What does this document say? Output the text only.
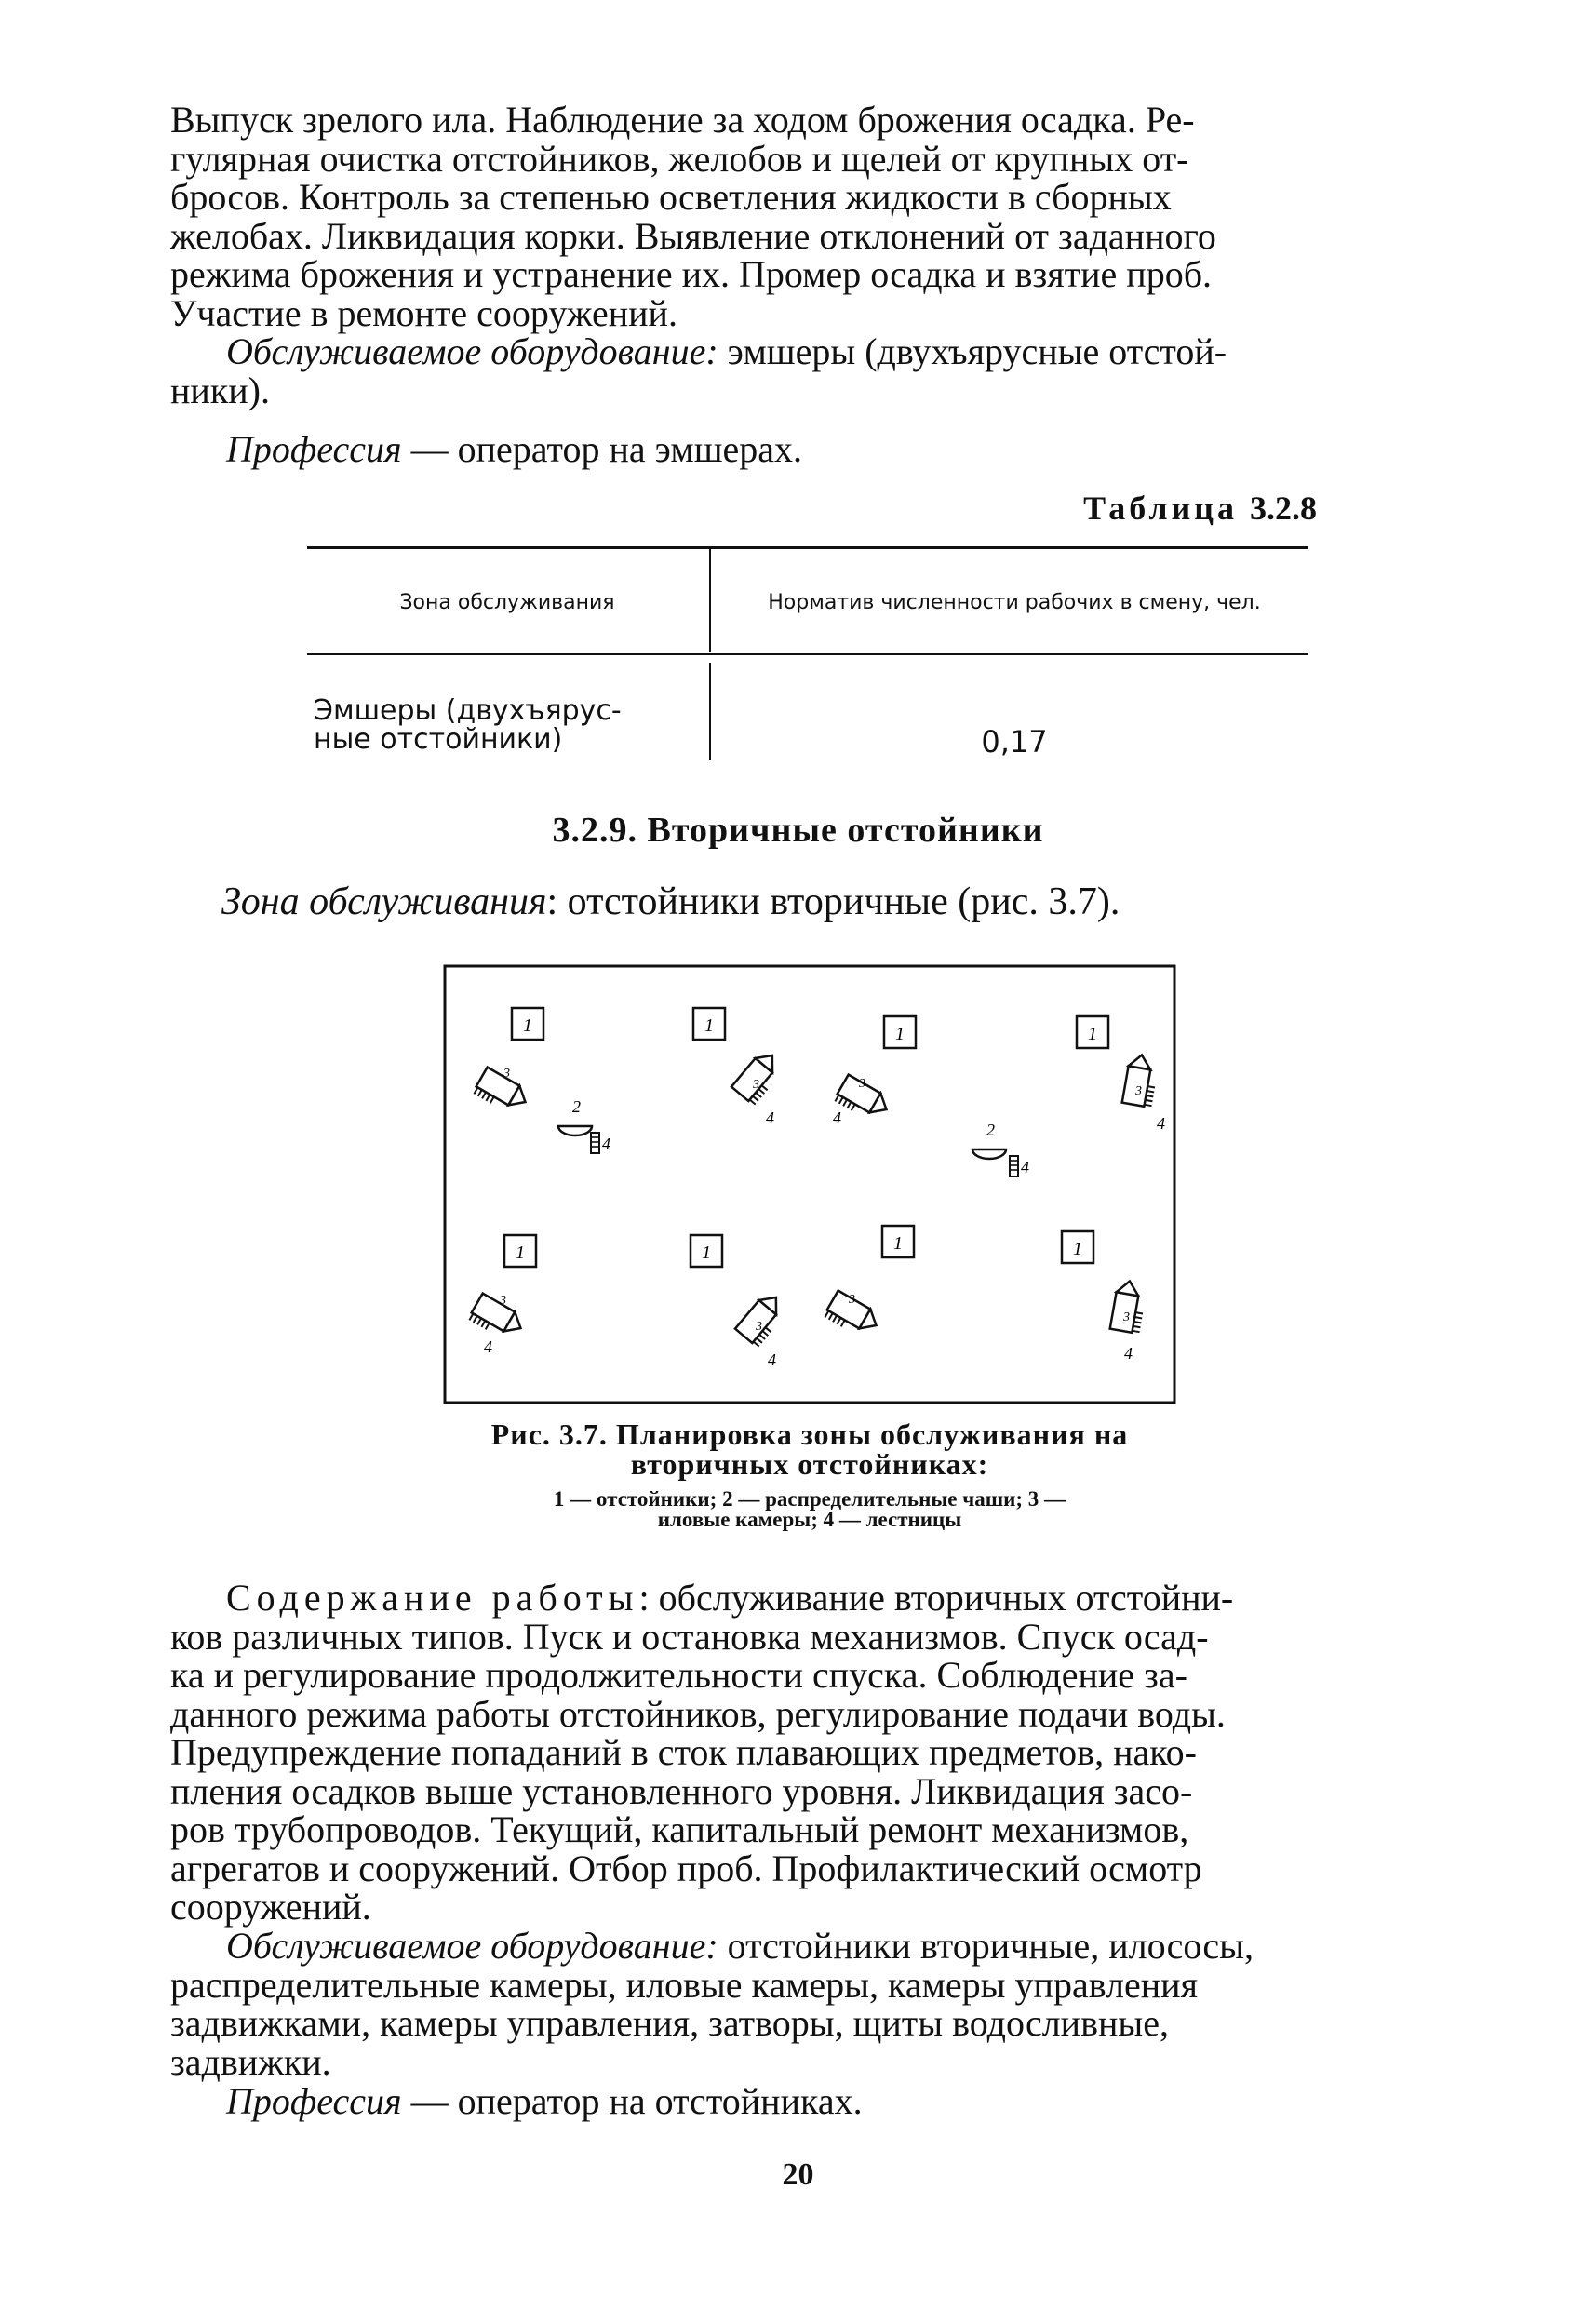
Выпуск зрелого ила. Наблюдение за ходом брожения осадка. Ре-
гулярная очистка отстойников, желобов и щелей от крупных от-
бросов. Контроль за степенью осветления жидкости в сборных
желобах. Ликвидация корки. Выявление отклонений от заданного
режима брожения и устранение их. Промер осадка и взятие проб.
Участие в ремонте сооружений.
Обслуживаемое оборудование: эмшеры (двухъярусные отстой-
ники).
Профессия — оператор на эмшерах.
Таблица 3.2.8
Зона обслуживания	Норматив численности рабочих в смену, чел.
Эмшеры (двухъярус-
ные отстойники)	0,17
3.2.9. Вторичные отстойники
Зона обслуживания: отстойники вторичные (рис. 3.7).
1	1	1	1
3
3
4
3
4
3
4
2
4
2
4
1	1	1	1
3
4
3
4
3
3
4
Рис. 3.7. Планировка зоны обслуживания на
вторичных отстойниках:
1 — отстойники; 2 — распределительные чаши; 3 —
иловые камеры; 4 — лестницы
Содержание работы: обслуживание вторичных отстойни-
ков различных типов. Пуск и остановка механизмов. Спуск осад-
ка и регулирование продолжительности спуска. Соблюдение за-
данного режима работы отстойников, регулирование подачи воды.
Предупреждение попаданий в сток плавающих предметов, нако-
пления осадков выше установленного уровня. Ликвидация засо-
ров трубопроводов. Текущий, капитальный ремонт механизмов,
агрегатов и сооружений. Отбор проб. Профилактический осмотр
сооружений.
Обслуживаемое оборудование: отстойники вторичные, илососы,
распределительные камеры, иловые камеры, камеры управления
задвижками, камеры управления, затворы, щиты водосливные,
задвижки.
Профессия — оператор на отстойниках.
20
